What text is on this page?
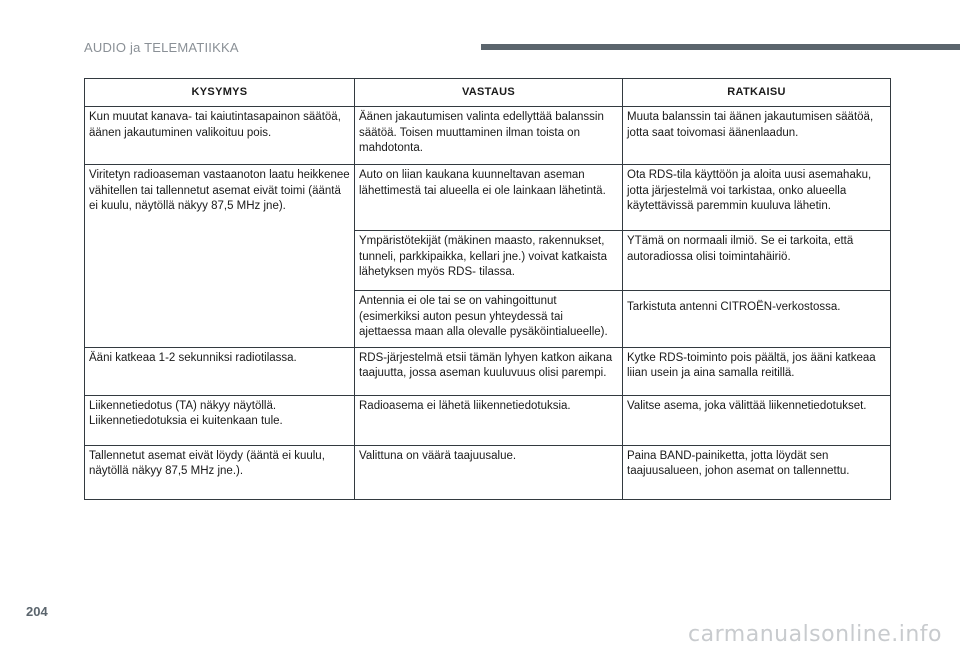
AUDIO ja TELEMATIIKKA
KYSYMYS	VASTAUS	RATKAISU
Kun muutat kanava- tai kaiutintasapainon säätöä, äänen jakautuminen valikoituu pois.	Äänen jakautumisen valinta edellyttää balanssin säätöä. Toisen muuttaminen ilman toista on mahdotonta.	Muuta balanssin tai äänen jakautumisen säätöä, jotta saat toivomasi äänenlaadun.
Viritetyn radioaseman vastaanoton laatu heikkenee vähitellen tai tallennetut asemat eivät toimi (ääntä ei kuulu, näytöllä näkyy 87,5 MHz jne).	Auto on liian kaukana kuunneltavan aseman lähettimestä tai alueella ei ole lainkaan lähetintä.	Ota RDS-tila käyttöön ja aloita uusi asemahaku, jotta järjestelmä voi tarkistaa, onko alueella käytettävissä paremmin kuuluva lähetin.
	Ympäristötekijät (mäkinen maasto, rakennukset, tunneli, parkkipaikka, kellari jne.) voivat katkaista lähetyksen myös RDS- tilassa.	YTämä on normaali ilmiö. Se ei tarkoita, että autoradiossa olisi toimintahäiriö.
	Antennia ei ole tai se on vahingoittunut (esimerkiksi auton pesun yhteydessä tai ajettaessa maan alla olevalle pysäköintialueelle).	Tarkistuta antenni CITROËN-verkostossa.
Ääni katkeaa 1-2 sekunniksi radiotilassa.	RDS-järjestelmä etsii tämän lyhyen katkon aikana taajuutta, jossa aseman kuuluvuus olisi parempi.	Kytke RDS-toiminto pois päältä, jos ääni katkeaa liian usein ja aina samalla reitillä.
Liikennetiedotus (TA) näkyy näytöllä. Liikennetiedotuksia ei kuitenkaan tule.	Radioasema ei lähetä liikennetiedotuksia.	Valitse asema, joka välittää liikennetiedotukset.
Tallennetut asemat eivät löydy (ääntä ei kuulu, näytöllä näkyy 87,5 MHz jne.).	Valittuna on väärä taajuusalue.	Paina BAND-painiketta, jotta löydät sen taajuusalueen, johon asemat on tallennettu.
204
carmanualsonline.info
